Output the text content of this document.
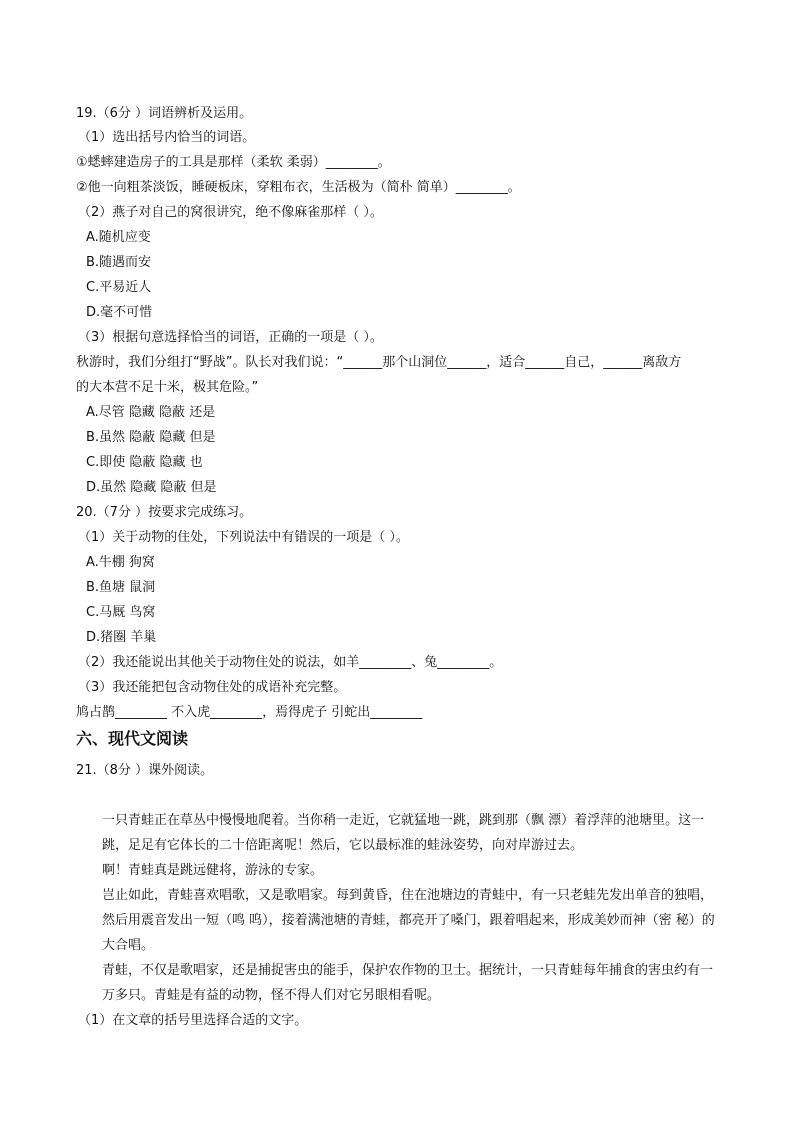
19.（6分 ）词语辨析及运用。
（1）选出括号内恰当的词语。
①蟋蟀建造房子的工具是那样（柔软 柔弱）________。
②他一向粗茶淡饭，睡硬板床，穿粗布衣，生活极为（简朴 简单）________。
（2）燕子对自己的窝很讲究，绝不像麻雀那样（ ）。
A.随机应变
B.随遇而安
C.平易近人
D.毫不可惜
（3）根据句意选择恰当的词语，正确的一项是（ ）。
秋游时，我们分组打“野战”。队长对我们说：“______那个山洞位______，适合______自己，______离敌方
的大本营不足十米，极其危险。”
A.尽管 隐藏 隐蔽 还是
B.虽然 隐蔽 隐藏 但是
C.即使 隐蔽 隐藏 也
D.虽然 隐藏 隐蔽 但是
20.（7分 ）按要求完成练习。
（1）关于动物的住处，下列说法中有错误的一项是（ ）。
A.牛棚 狗窝
B.鱼塘 鼠洞
C.马厩 鸟窝
D.猪圈 羊巢
（2）我还能说出其他关于动物住处的说法，如羊________、兔________。
（3）我还能把包含动物住处的成语补充完整。
鸠占鹊________ 不入虎________，焉得虎子 引蛇出________
六、现代文阅读
21.（8分 ）课外阅读。
一只青蛙正在草丛中慢慢地爬着。当你稍一走近，它就猛地一跳，跳到那（飘 漂）着浮萍的池塘里。这一跳，足足有它体长的二十倍距离呢！然后，它以最标准的蛙泳姿势，向对岸游过去。
啊！青蛙真是跳远健将，游泳的专家。
岂止如此，青蛙喜欢唱歌，又是歌唱家。每到黄昏，住在池塘边的青蛙中，有一只老蛙先发出单音的独唱，然后用震音发出一短（鸣 呜），接着满池塘的青蛙，都亮开了嗓门，跟着唱起来，形成美妙而神（密 秘）的大合唱。
青蛙，不仅是歌唱家，还是捕捉害虫的能手，保护农作物的卫士。据统计，一只青蛙每年捕食的害虫约有一万多只。青蛙是有益的动物，怪不得人们对它另眼相看呢。
（1）在文章的括号里选择合适的文字。
